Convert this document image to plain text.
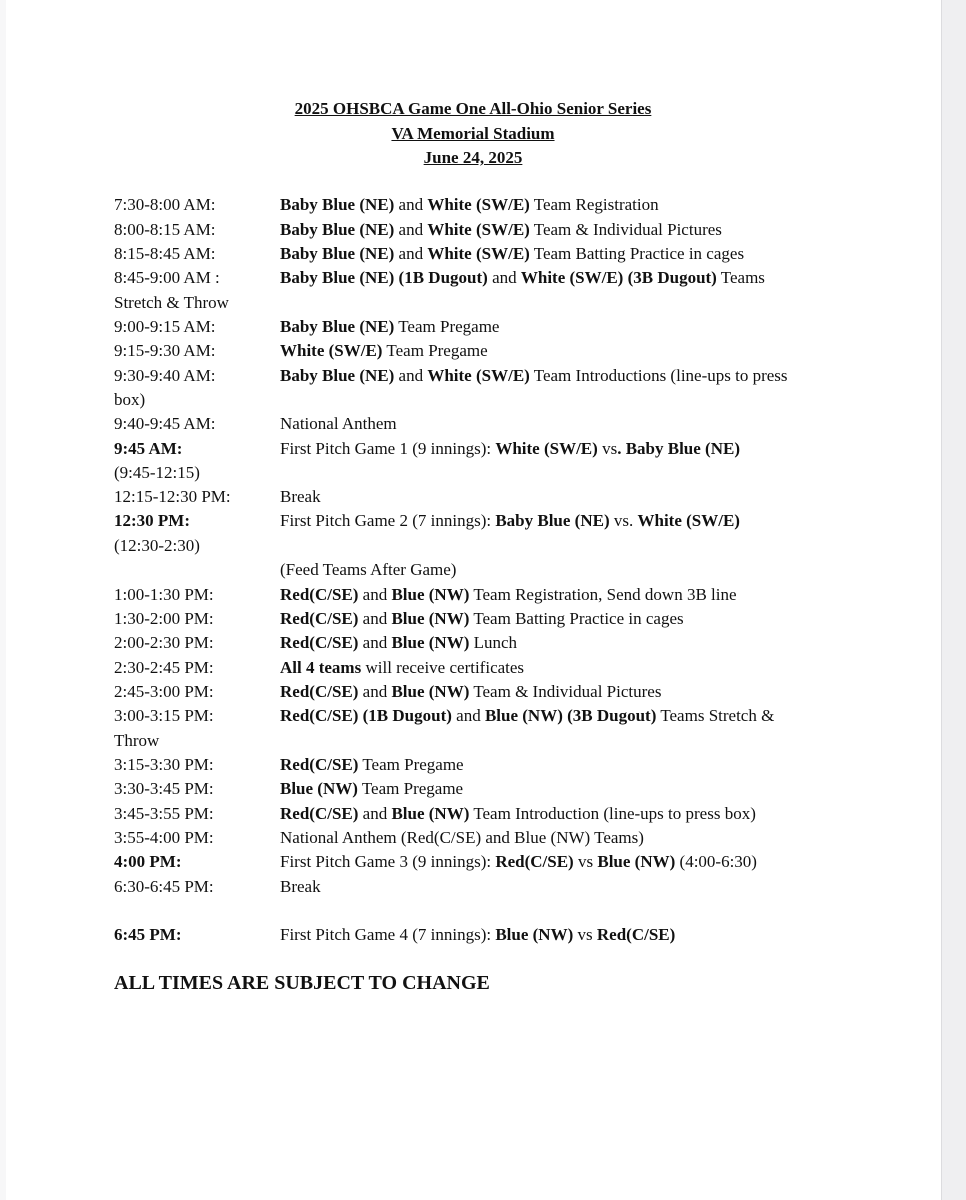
2025 OHSBCA Game One All-Ohio Senior Series
VA Memorial Stadium
June 24, 2025
7:30-8:00 AM:	Baby Blue (NE) and White (SW/E) Team Registration
8:00-8:15 AM:	Baby Blue (NE) and White (SW/E) Team & Individual Pictures
8:15-8:45 AM:	Baby Blue (NE) and White (SW/E) Team Batting Practice in cages
8:45-9:00 AM :	Baby Blue (NE) (1B Dugout) and White (SW/E) (3B Dugout) Teams
Stretch & Throw
9:00-9:15 AM:	Baby Blue (NE) Team Pregame
9:15-9:30 AM:	White (SW/E) Team Pregame
9:30-9:40 AM:	Baby Blue (NE) and White (SW/E) Team Introductions (line-ups to press
box)
9:40-9:45 AM:	National Anthem
9:45 AM:	First Pitch Game 1 (9 innings): White (SW/E) vs. Baby Blue (NE)
(9:45-12:15)
12:15-12:30 PM:	Break
12:30 PM:	First Pitch Game 2 (7 innings): Baby Blue (NE) vs. White (SW/E)
(12:30-2:30)
(Feed Teams After Game)
1:00-1:30 PM:	Red(C/SE) and Blue (NW) Team Registration, Send down 3B line
1:30-2:00 PM:	Red(C/SE) and Blue (NW) Team Batting Practice in cages
2:00-2:30 PM:	Red(C/SE) and Blue (NW) Lunch
2:30-2:45 PM:	All 4 teams will receive certificates
2:45-3:00 PM:	Red(C/SE) and Blue (NW) Team & Individual Pictures
3:00-3:15 PM:	Red(C/SE) (1B Dugout) and Blue (NW) (3B Dugout) Teams Stretch &
Throw
3:15-3:30 PM:	Red(C/SE) Team Pregame
3:30-3:45 PM:	Blue (NW) Team Pregame
3:45-3:55 PM:	Red(C/SE) and Blue (NW) Team Introduction (line-ups to press box)
3:55-4:00 PM:	National Anthem (Red(C/SE) and Blue (NW) Teams)
4:00 PM:	First Pitch Game 3 (9 innings): Red(C/SE) vs Blue (NW) (4:00-6:30)
6:30-6:45 PM:	Break
6:45 PM:	First Pitch Game 4 (7 innings): Blue (NW) vs Red(C/SE)
ALL TIMES ARE SUBJECT TO CHANGE
